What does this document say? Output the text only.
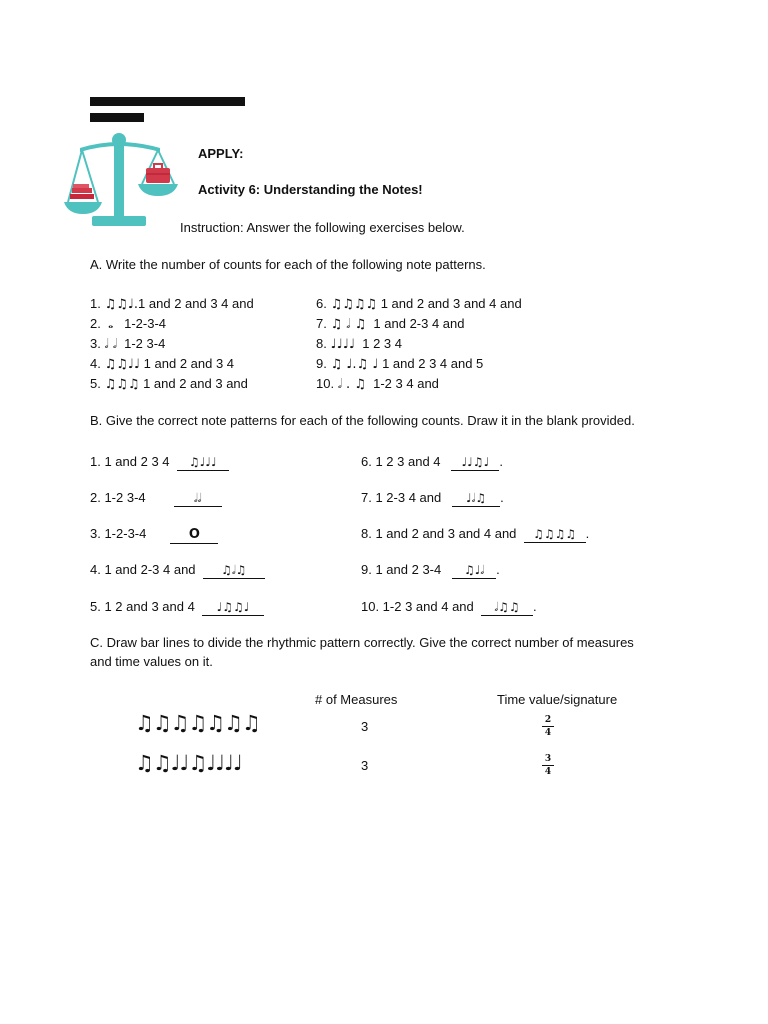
APPLY:
Activity 6: Understanding the Notes!
Instruction: Answer the following exercises below.
A. Write the number of counts for each of the following note patterns.
1. ♫♫♩.1 and 2 and 3 4 and
2. 𝅝 1-2-3-4
3. 𝅗𝅥 𝅗𝅥 1-2 3-4
4. ♫♫♩♩ 1 and 2 and 3 4
5. ♫♫♫ 1 and 2 and 3 and
6. ♫♫♫♫ 1 and 2 and 3 and 4 and
7. ♫ 𝅗𝅥 ♫ 1 and 2-3 4 and
8. ♩♩♩♩ 1 2 3 4
9. ♫ ♩.♫ ♩ 1 and 2 3 4 and 5
10. 𝅗𝅥 . ♫ 1-2 3 4 and
B. Give the correct note patterns for each of the following counts. Draw it in the blank provided.
1. 1 and 2 3 4 ♫♩♩♩
2. 1-2 3-4	𝅗𝅥𝅗𝅥
3. 1-2-3-4	O
4. 1 and 2-3 4 and ♫𝅗𝅥♫
5. 1 2 and 3 and 4 ♩♫♫♩
6. 1 2 3 and 4 ♩♩♫♩ .
7. 1 2-3 4 and ♩𝅗𝅥♫ .
8. 1 and 2 and 3 and 4 and ♫♫♫♫ .
9. 1 and 2 3-4 ♫♩𝅗𝅥 .
10. 1-2 3 and 4 and 𝅗𝅥♫♫ .
C. Draw bar lines to divide the rhythmic pattern correctly. Give the correct number of measures
and time values on it.
# of Measures	Time value/signature
♫♫♫♫♫♫♫	3	2
4
♫♫♩♩♫♩♩♩♩	3	3
4
